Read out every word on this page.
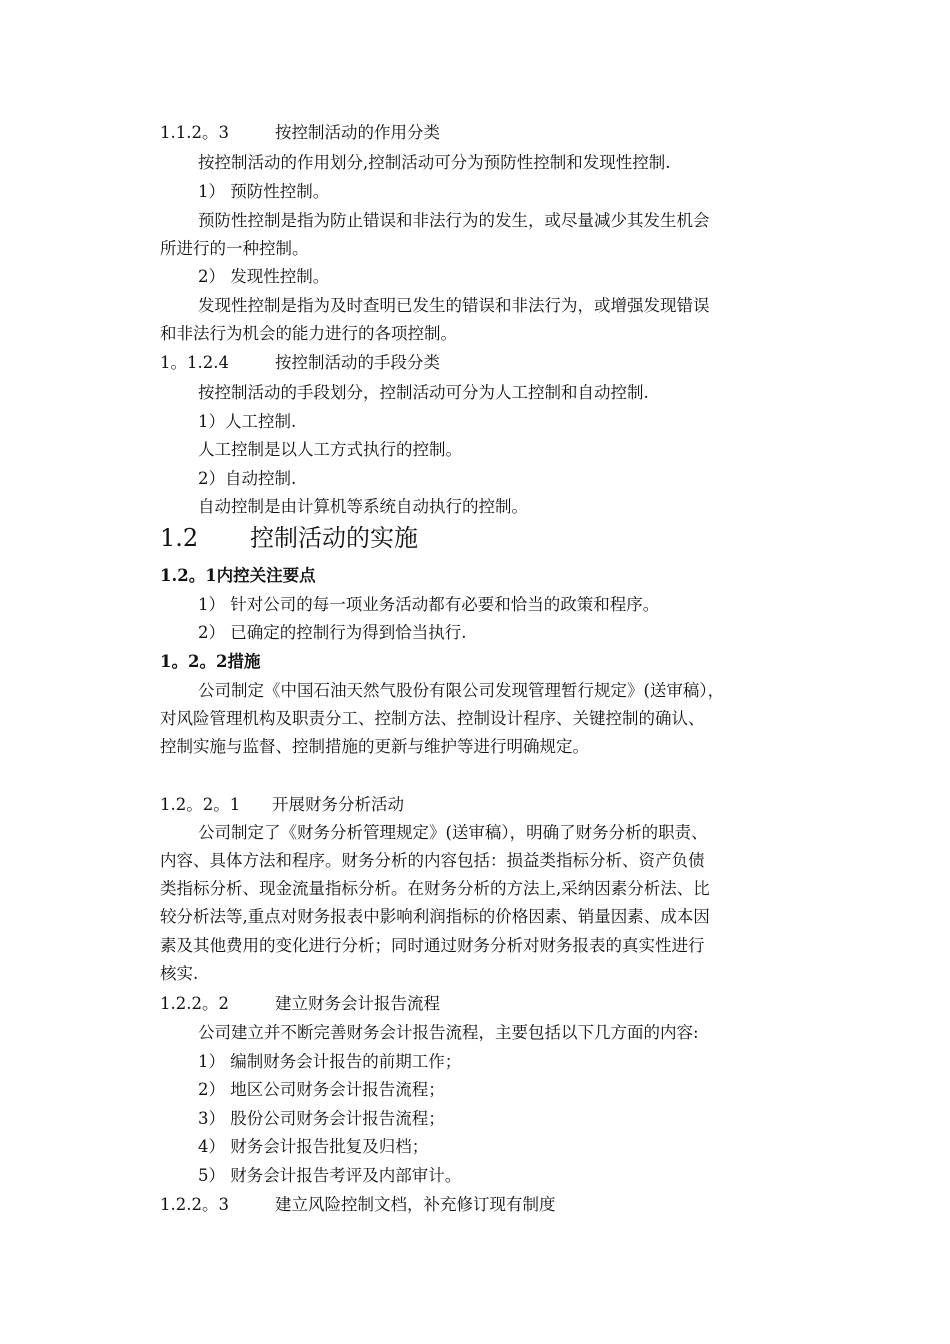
1.1.2。3	按控制活动的作用分类
按控制活动的作用划分,控制活动可分为预防性控制和发现性控制.
1） 预防性控制。
预防性控制是指为防止错误和非法行为的发生，或尽量减少其发生机会
所进行的一种控制。
2） 发现性控制。
发现性控制是指为及时查明已发生的错误和非法行为，或增强发现错误
和非法行为机会的能力进行的各项控制。
1。1.2.4	按控制活动的手段分类
按控制活动的手段划分，控制活动可分为人工控制和自动控制.
1）人工控制.
人工控制是以人工方式执行的控制。
2）自动控制.
自动控制是由计算机等系统自动执行的控制。
1.2 控制活动的实施
1.2。1内控关注要点
1） 针对公司的每一项业务活动都有必要和恰当的政策和程序。
2） 已确定的控制行为得到恰当执行.
1。2。2措施
公司制定《中国石油天然气股份有限公司发现管理暂行规定》(送审稿），
对风险管理机构及职责分工、控制方法、控制设计程序、关键控制的确认、
控制实施与监督、控制措施的更新与维护等进行明确规定。
1.2。2。1 开展财务分析活动
公司制定了《财务分析管理规定》(送审稿），明确了财务分析的职责、
内容、具体方法和程序。财务分析的内容包括：损益类指标分析、资产负债
类指标分析、现金流量指标分析。在财务分析的方法上,采纳因素分析法、比
较分析法等,重点对财务报表中影响利润指标的价格因素、销量因素、成本因
素及其他费用的变化进行分析；同时通过财务分析对财务报表的真实性进行
核实.
1.2.2。2	建立财务会计报告流程
公司建立并不断完善财务会计报告流程，主要包括以下几方面的内容:
1） 编制财务会计报告的前期工作；
2） 地区公司财务会计报告流程；
3） 股份公司财务会计报告流程；
4） 财务会计报告批复及归档；
5） 财务会计报告考评及内部审计。
1.2.2。3	建立风险控制文档，补充修订现有制度
